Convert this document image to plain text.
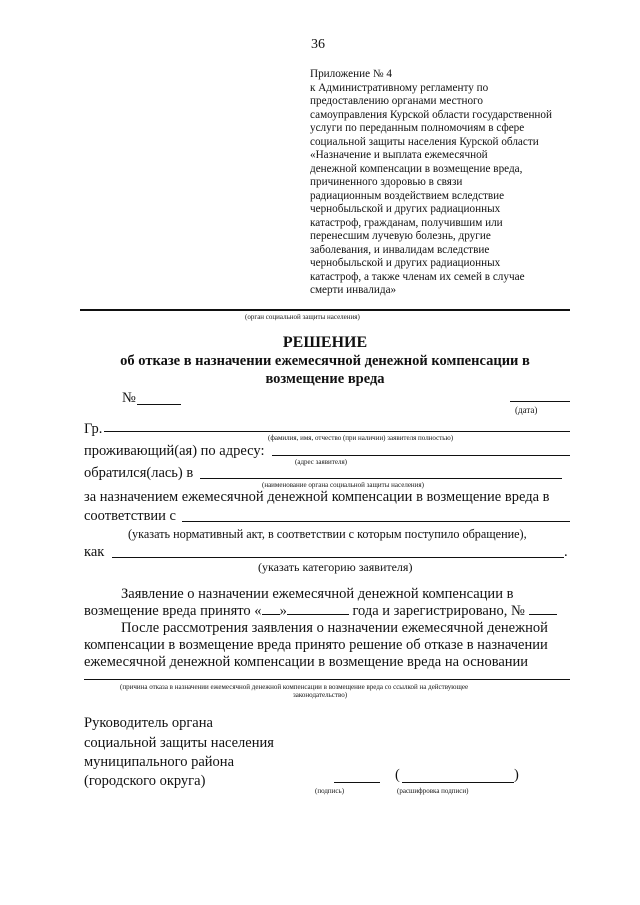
36
Приложение № 4
к Административному регламенту по
предоставлению органами местного
самоуправления Курской области государственной
услуги по переданным полномочиям в сфере
социальной защиты населения Курской области
«Назначение и выплата ежемесячной
денежной компенсации в возмещение вреда,
причиненного здоровью в связи
радиационным воздействием вследствие
чернобыльской и других радиационных
катастроф, гражданам, получившим или
перенесшим лучевую болезнь, другие
заболевания, и инвалидам вследствие
чернобыльской и других радиационных
катастроф, а также членам их семей в случае
смерти инвалида»
(орган социальной защиты населения)
РЕШЕНИЕ
об отказе в назначении ежемесячной денежной компенсации в
возмещение вреда
№
(дата)
Гр.
(фамилия, имя, отчество (при наличии) заявителя полностью)
проживающий(ая) по адресу:
(адрес заявителя)
обратился(лась) в
(наименование органа социальной защиты населения)
за назначением ежемесячной денежной компенсации в возмещение вреда в
соответствии с
(указать нормативный акт, в соответствии с которым поступило обращение),
как	.
(указать категорию заявителя)
Заявление о назначении ежемесячной денежной компенсации в
возмещение вреда принято « »	года и зарегистрировано, №
После рассмотрения заявления о назначении ежемесячной денежной
компенсации в возмещение вреда принято решение об отказе в назначении
ежемесячной денежной компенсации в возмещение вреда на основании
(причина отказа в назначении ежемесячной денежной компенсации в возмещение вреда со ссылкой на действующее
законодательство)
Руководитель органа
социальной защиты населения
муниципального района
(городского округа)
(подпись)
(	)
(расшифровка подписи)
